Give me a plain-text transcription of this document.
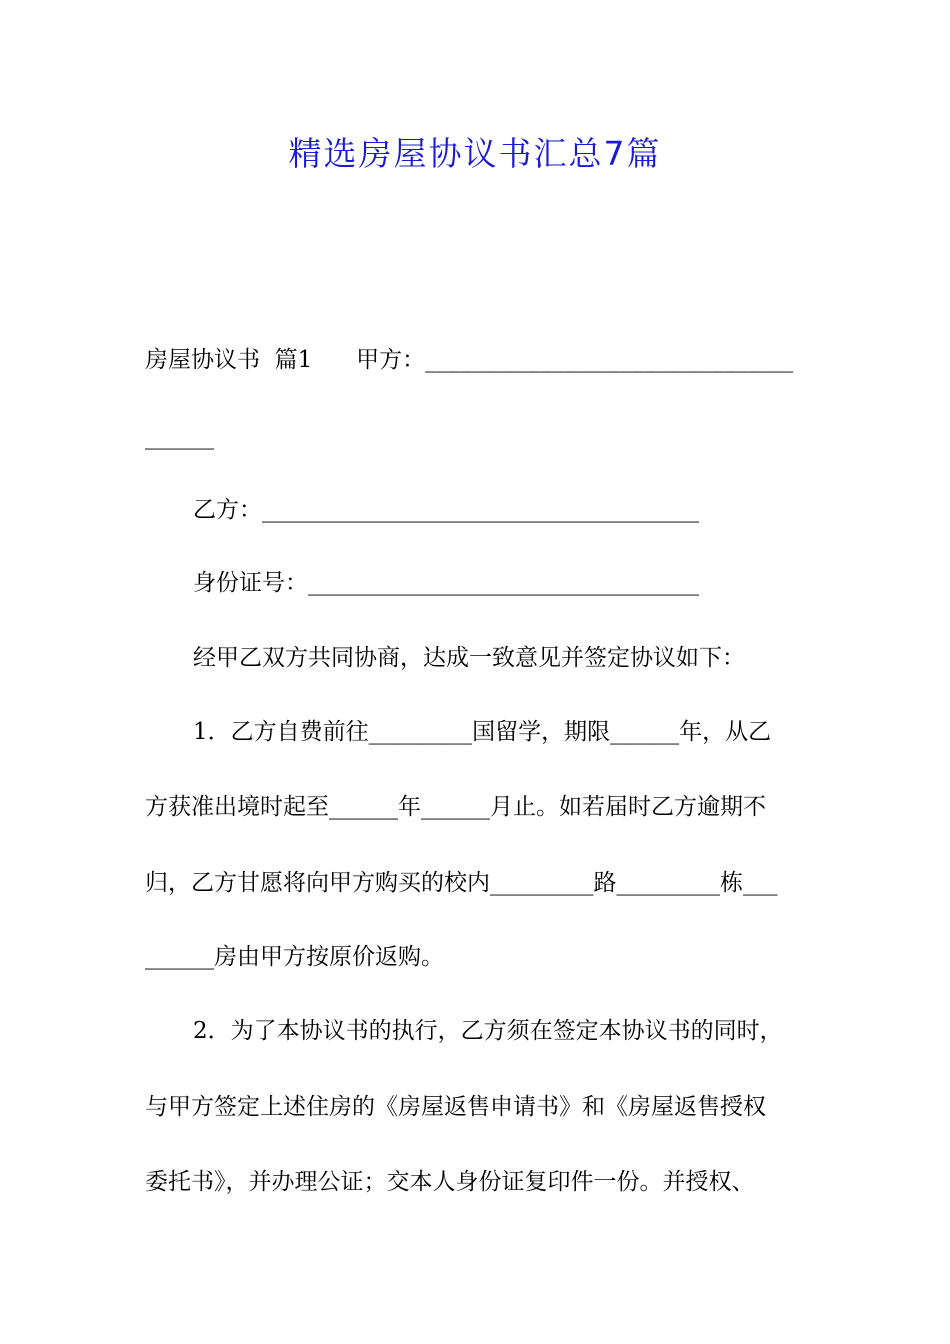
精选房屋协议书汇总7篇
房屋协议书  篇1      甲方：________________________________
______
乙方：______________________________________
身份证号：__________________________________
经甲乙双方共同协商，达成一致意见并签定协议如下：
1．乙方自费前往_________国留学，期限______年，从乙
方获准出境时起至______年______月止。如若届时乙方逾期不
归，乙方甘愿将向甲方购买的校内_________路_________栋___
______房由甲方按原价返购。
2．为了本协议书的执行，乙方须在签定本协议书的同时，
与甲方签定上述住房的《房屋返售申请书》和《房屋返售授权
委托书》，并办理公证；交本人身份证复印件一份。并授权、
